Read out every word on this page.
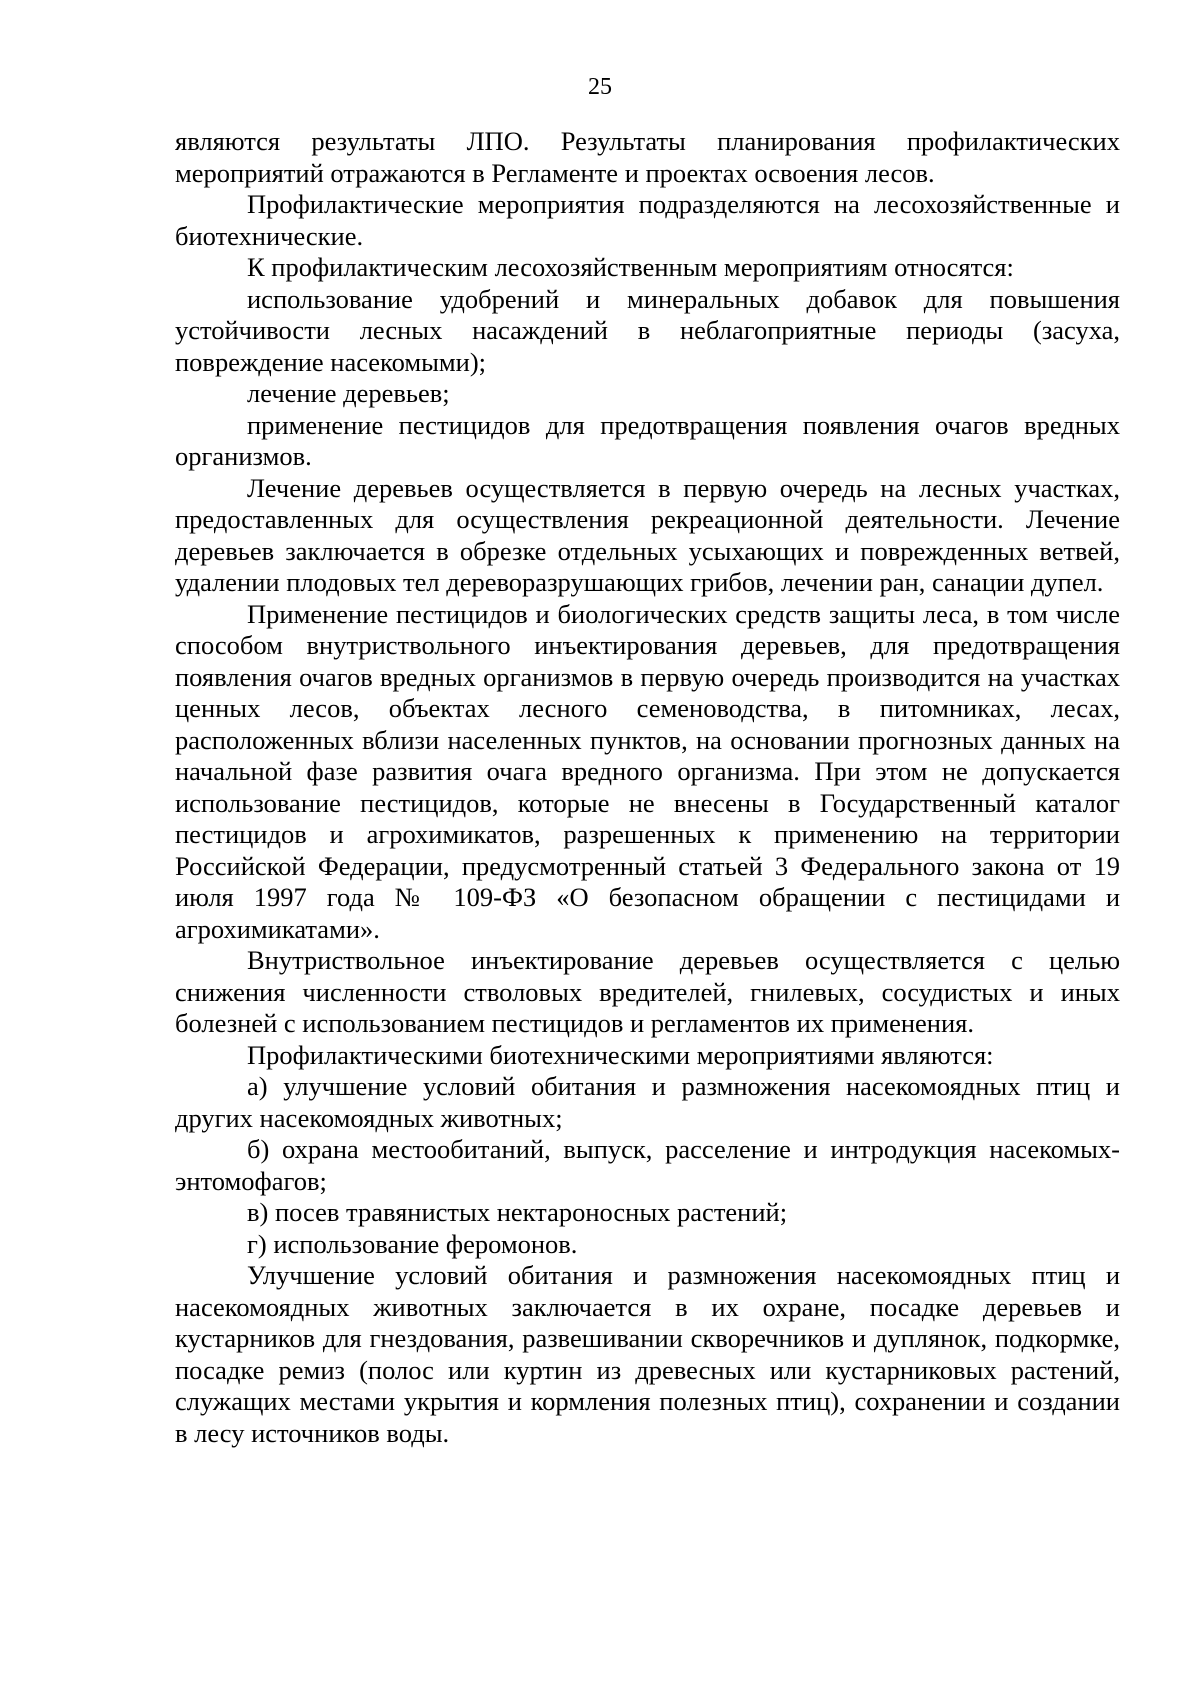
25

являются результаты ЛПО. Результаты планирования профилактических мероприятий отражаются в Регламенте и проектах освоения лесов.

Профилактические мероприятия подразделяются на лесохозяйственные и биотехнические.

К профилактическим лесохозяйственным мероприятиям относятся:

использование удобрений и минеральных добавок для повышения устойчивости лесных насаждений в неблагоприятные периоды (засуха, повреждение насекомыми);

лечение деревьев;

применение пестицидов для предотвращения появления очагов вредных организмов.

Лечение деревьев осуществляется в первую очередь на лесных участках, предоставленных для осуществления рекреационной деятельности. Лечение деревьев заключается в обрезке отдельных усыхающих и поврежденных ветвей, удалении плодовых тел дереворазрушающих грибов, лечении ран, санации дупел.

Применение пестицидов и биологических средств защиты леса, в том числе способом внутриствольного инъектирования деревьев, для предотвращения появления очагов вредных организмов в первую очередь производится на участках ценных лесов, объектах лесного семеноводства, в питомниках, лесах, расположенных вблизи населенных пунктов, на основании прогнозных данных на начальной фазе развития очага вредного организма. При этом не допускается использование пестицидов, которые не внесены в Государственный каталог пестицидов и агрохимикатов, разрешенных к применению на территории Российской Федерации, предусмотренный статьей 3 Федерального закона от 19 июля 1997 года № 109-ФЗ «О безопасном обращении с пестицидами и агрохимикатами».

Внутриствольное инъектирование деревьев осуществляется с целью снижения численности стволовых вредителей, гнилевых, сосудистых и иных болезней с использованием пестицидов и регламентов их применения.

Профилактическими биотехническими мероприятиями являются:

а) улучшение условий обитания и размножения насекомоядных птиц и других насекомоядных животных;

б) охрана местообитаний, выпуск, расселение и интродукция насекомых-энтомофагов;

в) посев травянистых нектароносных растений;

г) использование феромонов.

Улучшение условий обитания и размножения насекомоядных птиц и насекомоядных животных заключается в их охране, посадке деревьев и кустарников для гнездования, развешивании скворечников и дуплянок, подкормке, посадке ремиз (полос или куртин из древесных или кустарниковых растений, служащих местами укрытия и кормления полезных птиц), сохранении и создании в лесу источников воды.
